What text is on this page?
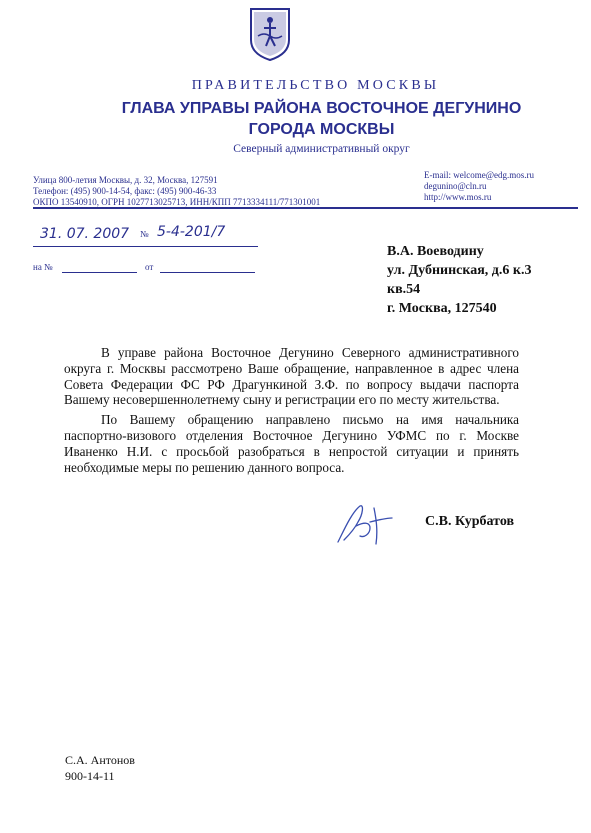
ПРАВИТЕЛЬСТВО МОСКВЫ
ГЛАВА УПРАВЫ РАЙОНА ВОСТОЧНОЕ ДЕГУНИНО
ГОРОДА МОСКВЫ
Северный административный округ
Улица 800-летия Москвы, д. 32, Москва, 127591
Телефон: (495) 900-14-54, факс: (495) 900-46-33
ОКПО 13540910, ОГРН 1027713025713, ИНН/КПП 7713334111/771301001
E-mail: welcome@edg.mos.ru
degunino@cln.ru
http://www.mos.ru
31. 07. 2007 № 5-4-201/7
на №	от
В.А. Воеводину
ул. Дубнинская, д.6 к.3
кв.54
г. Москва, 127540

В управе района Восточное Дегунино Северного административного округа г. Москвы рассмотрено Ваше обращение, направленное в адрес члена Совета Федерации ФС РФ Драгункиной З.Ф. по вопросу выдачи паспорта Вашему несовершеннолетнему сыну и регистрации его по месту жительства.

По Вашему обращению направлено письмо на имя начальника паспортно-визового отделения Восточное Дегунино УФМС по г. Москве Иваненко Н.И. с просьбой разобраться в непростой ситуации и принять необходимые меры по решению данного вопроса.

С.В. Курбатов
С.А. Антонов
900-14-11
